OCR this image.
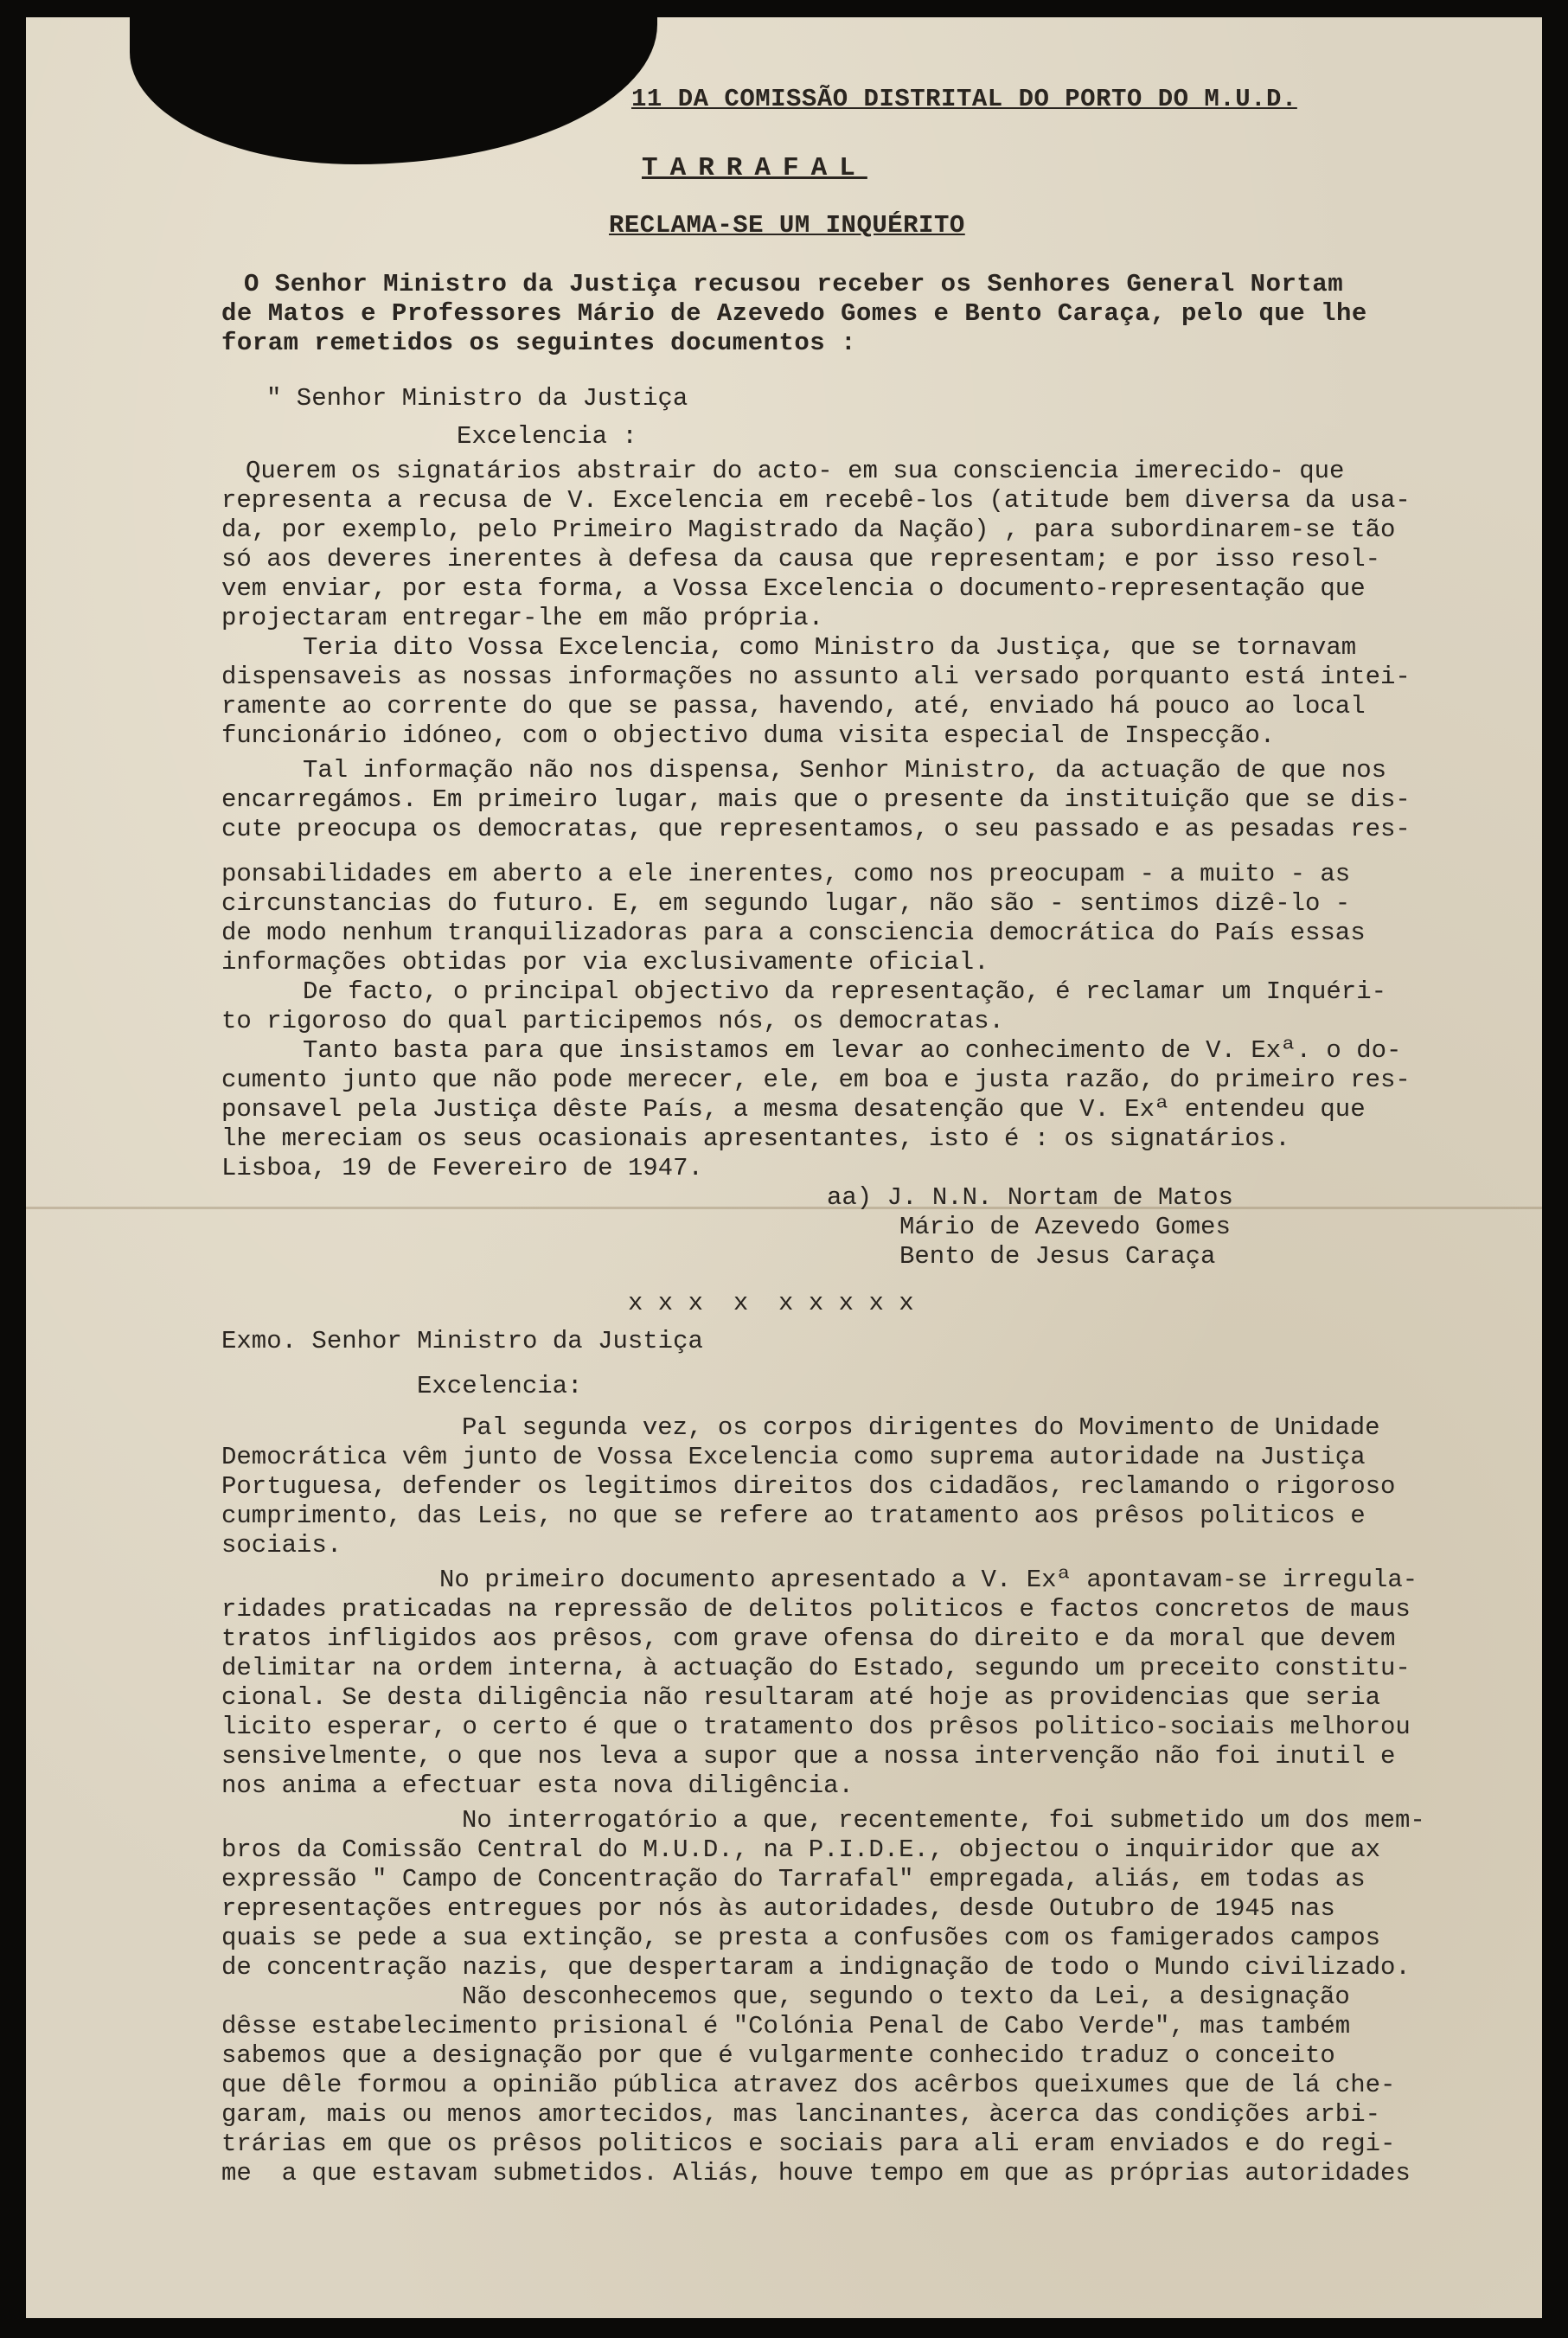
11 DA COMISSÃO DISTRITAL DO PORTO DO M.U.D.

TARRAFAL

RECLAMA-SE UM INQUÉRITO

O Senhor Ministro da Justiça recusou receber os Senhores General Nortam

de Matos e Professores Mário de Azevedo Gomes e Bento Caraça, pelo que lhe

foram remetidos os seguintes documentos :

" Senhor Ministro da Justiça

Excelencia :

Querem os signatários abstrair do acto- em sua consciencia imerecido- que

representa a recusa de V. Excelencia em recebê-los (atitude bem diversa da usa-

da, por exemplo, pelo Primeiro Magistrado da Nação) , para subordinarem-se tão

só aos deveres inerentes à defesa da causa que representam; e por isso resol-

vem enviar, por esta forma, a Vossa Excelencia o documento-representação que

projectaram entregar-lhe em mão própria.

Teria dito Vossa Excelencia, como Ministro da Justiça, que se tornavam

dispensaveis as nossas informações no assunto ali versado porquanto está intei-

ramente ao corrente do que se passa, havendo, até, enviado há pouco ao local

funcionário idóneo, com o objectivo duma visita especial de Inspecção.

Tal informação não nos dispensa, Senhor Ministro, da actuação de que nos

encarregámos. Em primeiro lugar, mais que o presente da instituição que se dis-

cute preocupa os democratas, que representamos, o seu passado e as pesadas res-

ponsabilidades em aberto a ele inerentes, como nos preocupam - a muito - as

circunstancias do futuro. E, em segundo lugar, não são - sentimos dizê-lo -

de modo nenhum tranquilizadoras para a consciencia democrática do País essas

informações obtidas por via exclusivamente oficial.

De facto, o principal objectivo da representação, é reclamar um Inquéri-

to rigoroso do qual participemos nós, os democratas.

Tanto basta para que insistamos em levar ao conhecimento de V. Exª. o do-

cumento junto que não pode merecer, ele, em boa e justa razão, do primeiro res-

ponsavel pela Justiça dêste País, a mesma desatenção que V. Exª entendeu que

lhe mereciam os seus ocasionais apresentantes, isto é : os signatários.

Lisboa, 19 de Fevereiro de 1947.

aa) J. N.N. Nortam de Matos

Mário de Azevedo Gomes

Bento de Jesus Caraça

x x x  x  x x x x x

Exmo. Senhor Ministro da Justiça

Excelencia:

Pal segunda vez, os corpos dirigentes do Movimento de Unidade

Democrática vêm junto de Vossa Excelencia como suprema autoridade na Justiça

Portuguesa, defender os legitimos direitos dos cidadãos, reclamando o rigoroso

cumprimento, das Leis, no que se refere ao tratamento aos prêsos politicos e

sociais.

No primeiro documento apresentado a V. Exª apontavam-se irregula-

ridades praticadas na repressão de delitos politicos e factos concretos de maus

tratos infligidos aos prêsos, com grave ofensa do direito e da moral que devem

delimitar na ordem interna, à actuação do Estado, segundo um preceito constitu-

cional. Se desta diligência não resultaram até hoje as providencias que seria

licito esperar, o certo é que o tratamento dos prêsos politico-sociais melhorou

sensivelmente, o que nos leva a supor que a nossa intervenção não foi inutil e

nos anima a efectuar esta nova diligência.

No interrogatório a que, recentemente, foi submetido um dos mem-

bros da Comissão Central do M.U.D., na P.I.D.E., objectou o inquiridor que ax

expressão " Campo de Concentração do Tarrafal" empregada, aliás, em todas as

representações entregues por nós às autoridades, desde Outubro de 1945 nas

quais se pede a sua extinção, se presta a confusões com os famigerados campos

de concentração nazis, que despertaram a indignação de todo o Mundo civilizado.

Não desconhecemos que, segundo o texto da Lei, a designação

dêsse estabelecimento prisional é "Colónia Penal de Cabo Verde", mas também

sabemos que a designação por que é vulgarmente conhecido traduz o conceito

que dêle formou a opinião pública atravez dos acêrbos queixumes que de lá che-

garam, mais ou menos amortecidos, mas lancinantes, àcerca das condições arbi-

trárias em que os prêsos politicos e sociais para ali eram enviados e do regi-

me  a que estavam submetidos. Aliás, houve tempo em que as próprias autoridades
